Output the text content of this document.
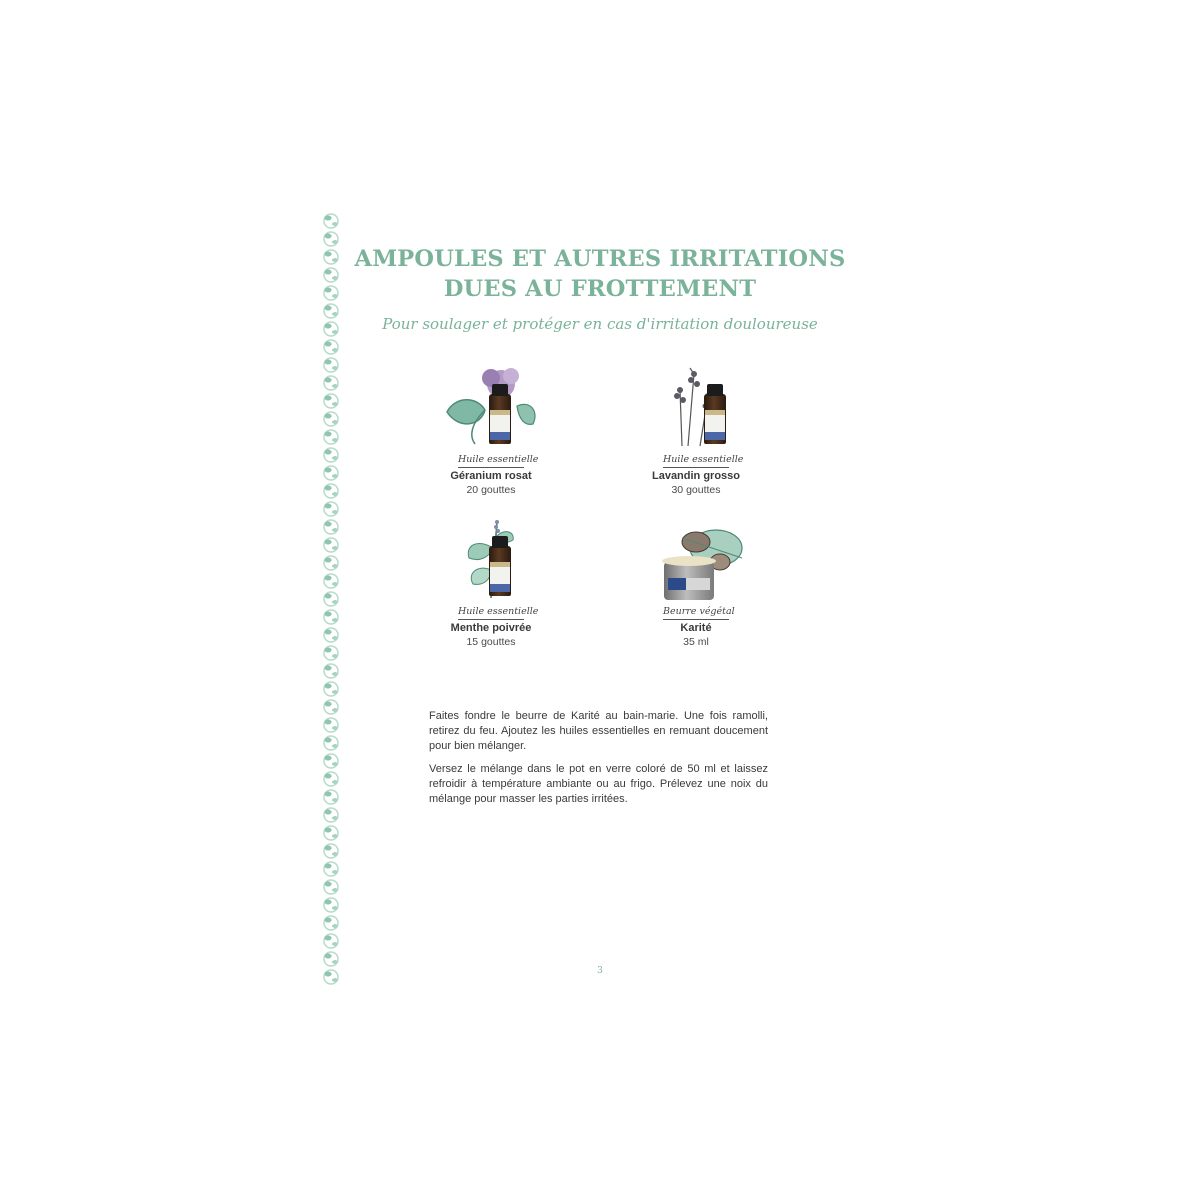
AMPOULES ET AUTRES IRRITATIONS DUES AU FROTTEMENT

Pour soulager et protéger en cas d'irritation douloureuse

Huile essentielle
Géranium rosat
20 gouttes
Huile essentielle
Lavandin grosso
30 gouttes
Huile essentielle
Menthe poivrée
15 gouttes
Beurre végétal
Karité
35 ml

Faites fondre le beurre de Karité au bain-marie. Une fois ramolli, retirez du feu. Ajoutez les huiles essentielles en remuant doucement pour bien mélanger.

Versez le mélange dans le pot en verre coloré de 50 ml et laissez refroidir à température ambiante ou au frigo. Prélevez une noix du mélange pour masser les parties irritées.

3
